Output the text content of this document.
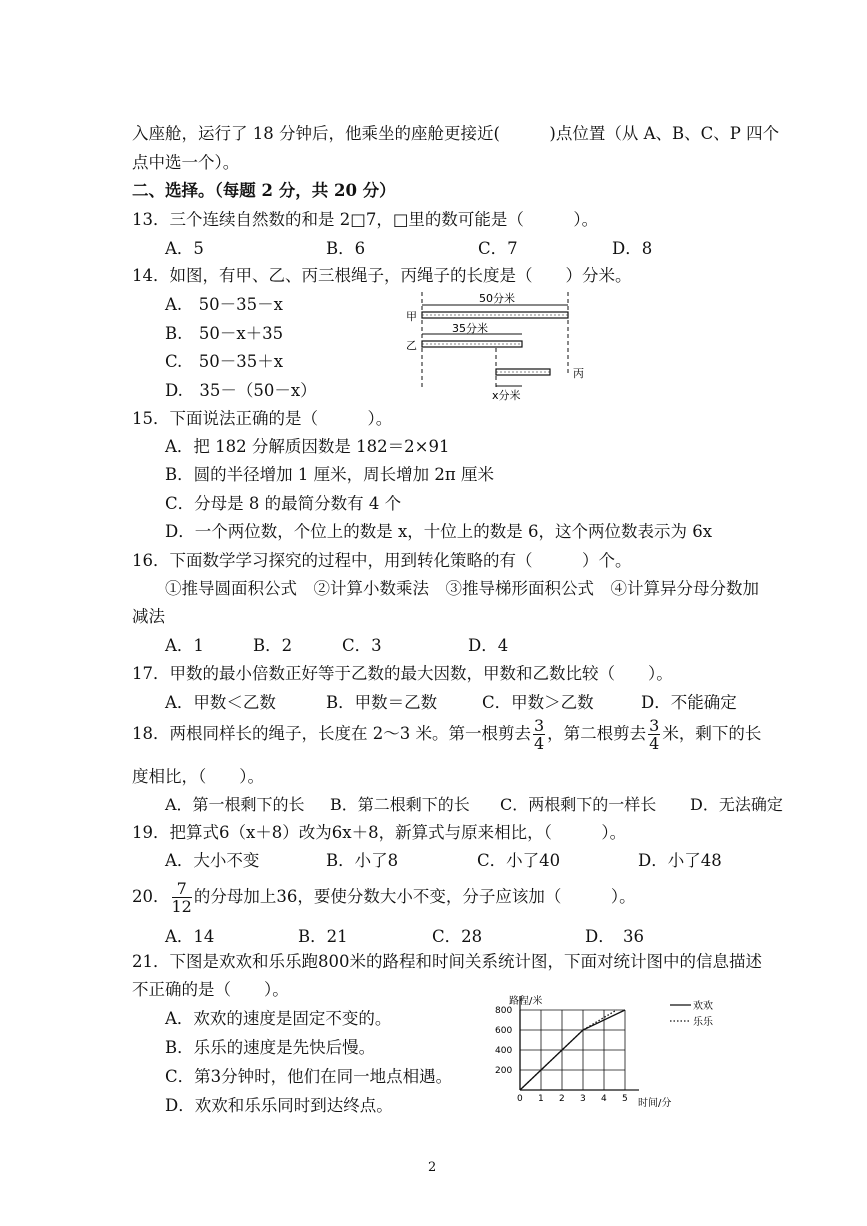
入座舱，运行了 18 分钟后，他乘坐的座舱更接近(　　　)点位置（从 A、B、C、P 四个
点中选一个）。
二、选择。（每题 2 分，共 20 分）
13．三个连续自然数的和是 2□7，□里的数可能是（　　　）。
A．5	B．6	C．7	D．8
14．如图，有甲、乙、丙三根绳子，丙绳子的长度是（　　）分米。
A.　50－35－x
B.　50－x＋35
C.　50－35＋x
D.　35－（50－x）
50分米
甲
35分米
乙
丙
x分米
15．下面说法正确的是（　　　）。
A．把 182 分解质因数是 182＝2×91
B．圆的半径增加 1 厘米，周长增加 2π 厘米
C．分母是 8 的最简分数有 4 个
D．一个两位数，个位上的数是 x，十位上的数是 6，这个两位数表示为 6x
16．下面数学学习探究的过程中，用到转化策略的有（　　　）个。
①推导圆面积公式　②计算小数乘法　③推导梯形面积公式　④计算异分母分数加
减法
A．1	B．2	C．3	D．4
17．甲数的最小倍数正好等于乙数的最大因数，甲数和乙数比较（　　）。
A．甲数＜乙数	B．甲数＝乙数	C．甲数＞乙数	D．不能确定
18．两根同样长的绳子，长度在 2～3 米。第一根剪去 $\frac{3}{4}$ ，第二根剪去 $\frac{3}{4}$ 米，剩下的长
度相比，（　　）。
A．第一根剩下的长 B．第二根剩下的长 C．两根剩下的一样长 D．无法确定
19．把算式6（x＋8）改为6x＋8，新算式与原来相比，（　　　）。
A．大小不变	B．小了8	C．小了40	D．小了48
20． $\frac{7}{12}$ 的分母加上36，要使分数大小不变，分子应该加（　　　）。
A．14	B．21	C．28	D．　36
21．下图是欢欢和乐乐跑800米的路程和时间关系统计图，下面对统计图中的信息描述
不正确的是（　　）。
A．欢欢的速度是固定不变的。
B．乐乐的速度是先快后慢。
C．第3分钟时，他们在同一地点相遇。
D．欢欢和乐乐同时到达终点。
路程/米
时间/分
0 1 2 3 4 5
200
400
600
800	欢欢
乐乐
2
